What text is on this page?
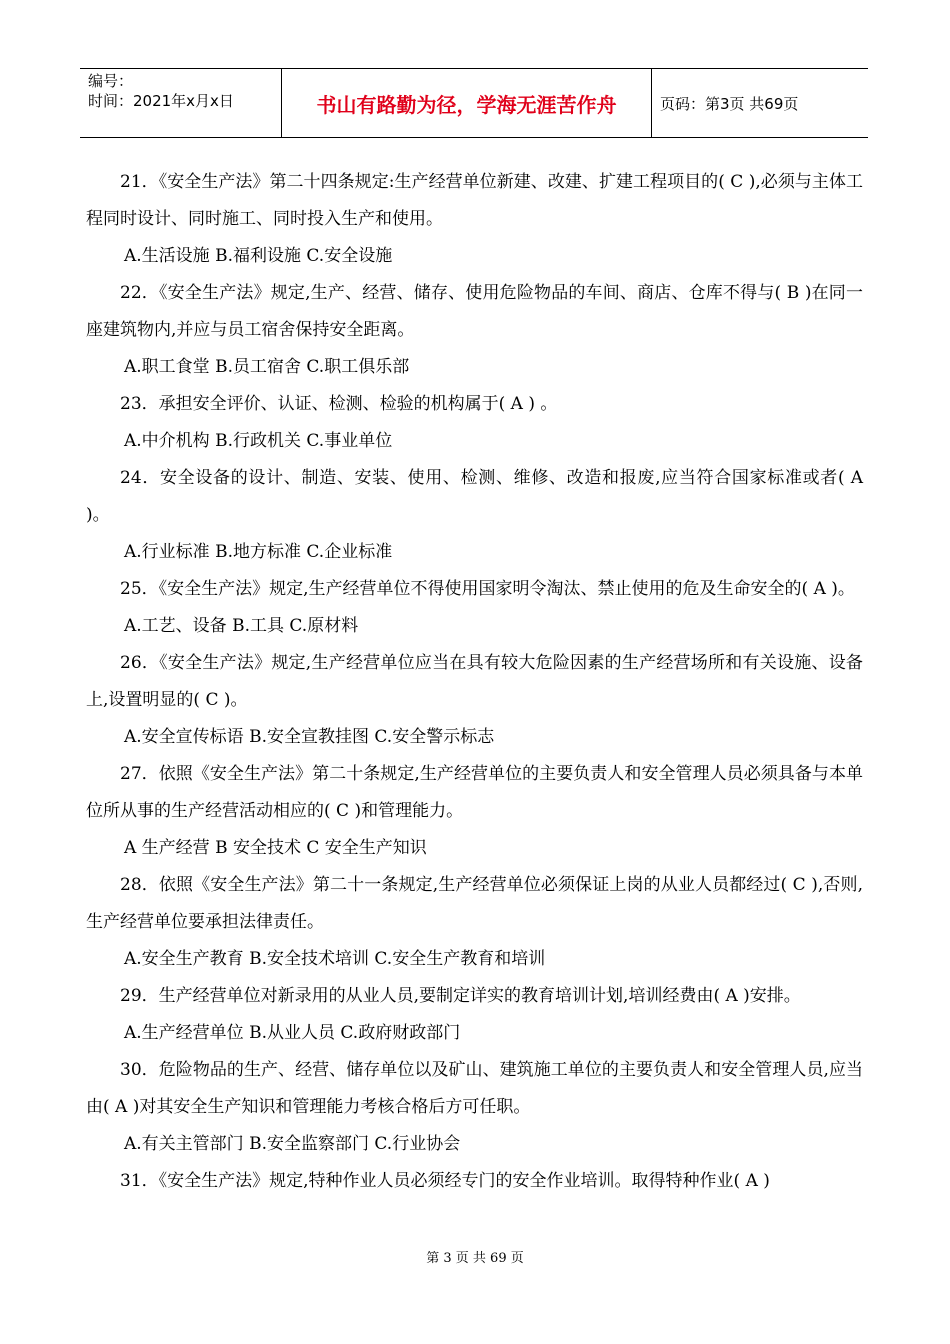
编号：
时间：2021年x月x日	书山有路勤为径，学海无涯苦作舟	页码：第3页 共69页

21．《安全生产法》第二十四条规定:生产经营单位新建、改建、扩建工程项目的( C ),必须与主体工程同时设计、同时施工、同时投入生产和使用。

A.生活设施 B.福利设施 C.安全设施

22．《安全生产法》规定,生产、经营、储存、使用危险物品的车间、商店、仓库不得与( B )在同一座建筑物内,并应与员工宿舍保持安全距离。

A.职工食堂 B.员工宿舍 C.职工俱乐部

23．承担安全评价、认证、检测、检验的机构属于( A ) 。

A.中介机构 B.行政机关 C.事业单位

24．安全设备的设计、制造、安装、使用、检测、维修、改造和报废,应当符合国家标准或者( A )。

A.行业标准 B.地方标准 C.企业标准

25．《安全生产法》规定,生产经营单位不得使用国家明令淘汰、禁止使用的危及生命安全的( A )。

A.工艺、设备 B.工具 C.原材料

26．《安全生产法》规定,生产经营单位应当在具有较大危险因素的生产经营场所和有关设施、设备上,设置明显的( C )。

A.安全宣传标语 B.安全宣教挂图 C.安全警示标志

27．依照《安全生产法》第二十条规定,生产经营单位的主要负责人和安全管理人员必须具备与本单位所从事的生产经营活动相应的( C )和管理能力。

A 生产经营 B 安全技术 C 安全生产知识

28．依照《安全生产法》第二十一条规定,生产经营单位必须保证上岗的从业人员都经过( C ),否则,生产经营单位要承担法律责任。

A.安全生产教育 B.安全技术培训 C.安全生产教育和培训

29．生产经营单位对新录用的从业人员,要制定详实的教育培训计划,培训经费由( A )安排。

A.生产经营单位 B.从业人员 C.政府财政部门

30．危险物品的生产、经营、储存单位以及矿山、建筑施工单位的主要负责人和安全管理人员,应当由( A )对其安全生产知识和管理能力考核合格后方可任职。

A.有关主管部门 B.安全监察部门 C.行业协会

31．《安全生产法》规定,特种作业人员必须经专门的安全作业培训。取得特种作业( A )

第 3 页 共 69 页
